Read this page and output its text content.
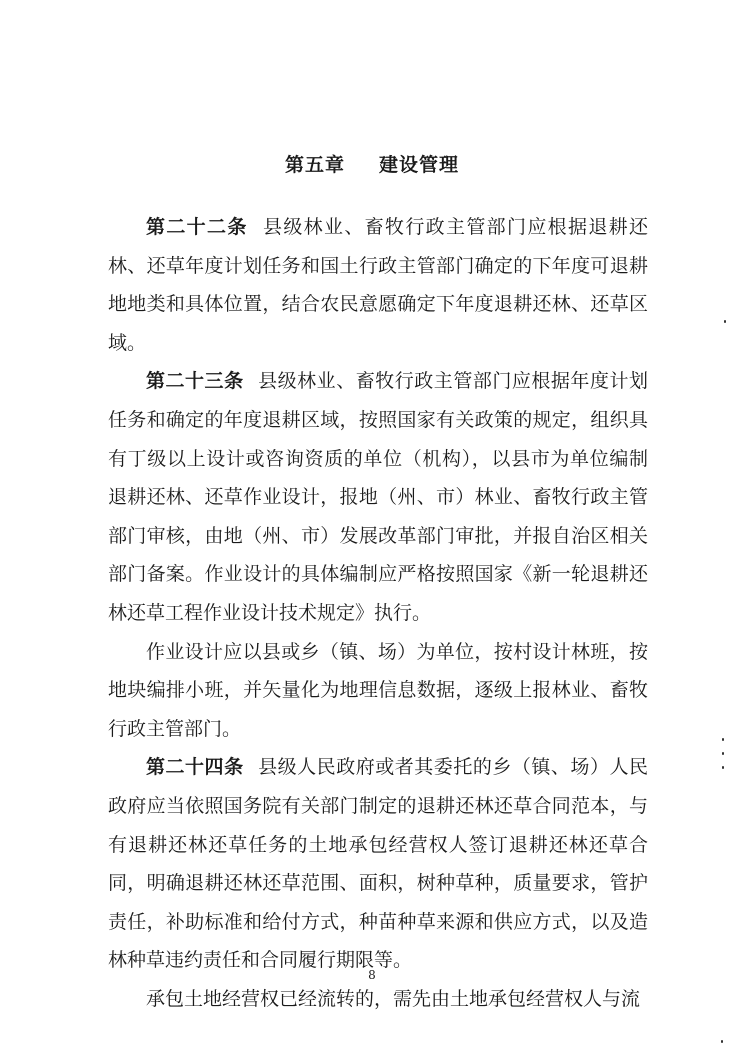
第五章 建设管理

第二十二条 县级林业、畜牧行政主管部门应根据退耕还林、还草年度计划任务和国土行政主管部门确定的下年度可退耕地地类和具体位置，结合农民意愿确定下年度退耕还林、还草区域。

第二十三条 县级林业、畜牧行政主管部门应根据年度计划任务和确定的年度退耕区域，按照国家有关政策的规定，组织具有丁级以上设计或咨询资质的单位（机构），以县市为单位编制退耕还林、还草作业设计，报地（州、市）林业、畜牧行政主管部门审核，由地（州、市）发展改革部门审批，并报自治区相关部门备案。作业设计的具体编制应严格按照国家《新一轮退耕还林还草工程作业设计技术规定》执行。

作业设计应以县或乡（镇、场）为单位，按村设计林班，按地块编排小班，并矢量化为地理信息数据，逐级上报林业、畜牧行政主管部门。

第二十四条 县级人民政府或者其委托的乡（镇、场）人民政府应当依照国务院有关部门制定的退耕还林还草合同范本，与有退耕还林还草任务的土地承包经营权人签订退耕还林还草合同，明确退耕还林还草范围、面积，树种草种，质量要求，管护责任，补助标准和给付方式，种苗种草来源和供应方式，以及造林种草违约责任和合同履行期限等。

承包土地经营权已经流转的，需先由土地承包经营权人与流

8
